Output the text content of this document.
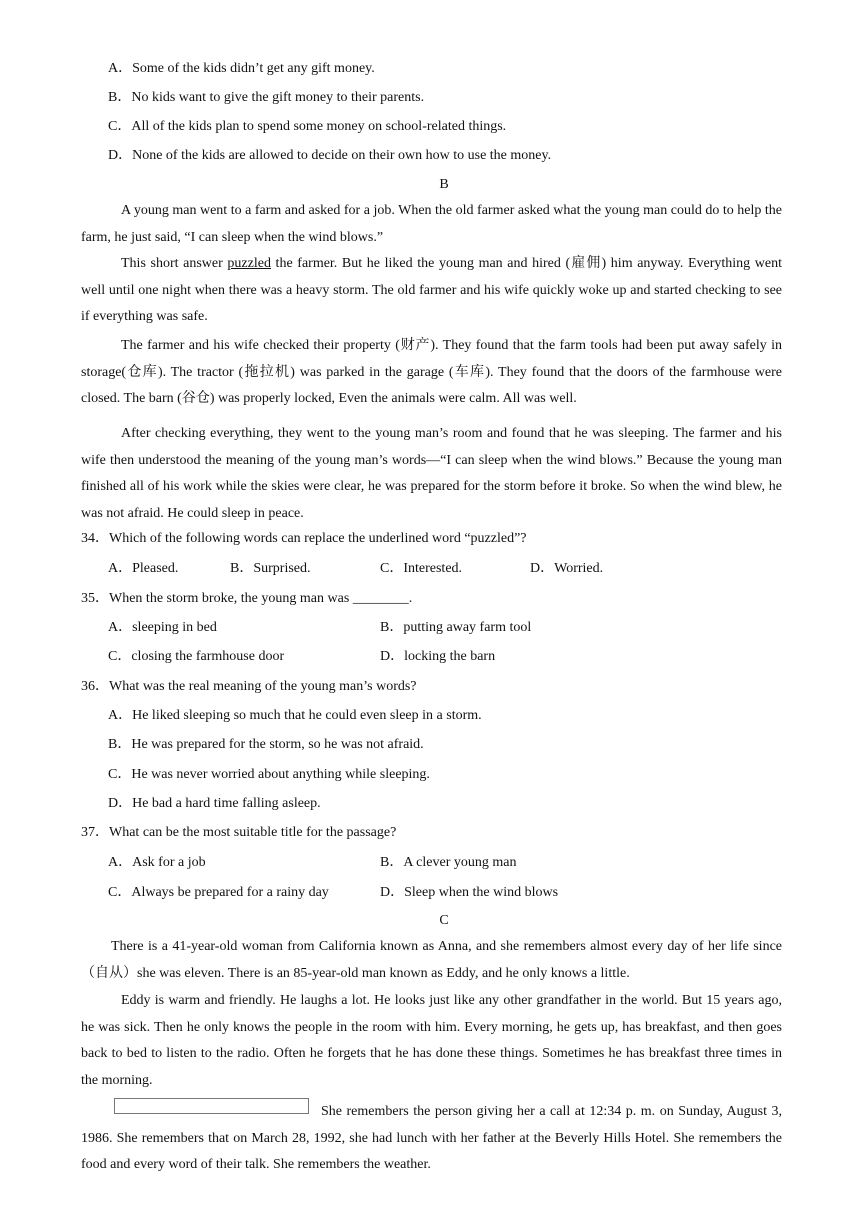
A．Some of the kids didn’t get any gift money.
B．No kids want to give the gift money to their parents.
C．All of the kids plan to spend some money on school-related things.
D．None of the kids are allowed to decide on their own how to use the money.
B
A young man went to a farm and asked for a job. When the old farmer asked what the young man could do to help the farm, he just said, “I can sleep when the wind blows.”
This short answer puzzled the farmer. But he liked the young man and hired (雇佣) him anyway. Everything went well until one night when there was a heavy storm. The old farmer and his wife quickly woke up and started checking to see if everything was safe.
The farmer and his wife checked their property (财产). They found that the farm tools had been put away safely in storage(仓库). The tractor (拖拉机) was parked in the garage (车库). They found that the doors of the farmhouse were closed. The barn (谷仓) was properly locked, Even the animals were calm. All was well.
After checking everything, they went to the young man’s room and found that he was sleeping. The farmer and his wife then understood the meaning of the young man’s words—“I can sleep when the wind blows.” Because the young man finished all of his work while the skies were clear, he was prepared for the storm before it broke. So when the wind blew, he was not afraid. He could sleep in peace.
34．Which of the following words can replace the underlined word “puzzled”?
A．Pleased.	B．Surprised.	C．Interested.	D．Worried.
35．When the storm broke, the young man was ________.
A．sleeping in bed	B．putting away farm tool
C．closing the farmhouse door	D．locking the barn
36．What was the real meaning of the young man’s words?
A．He liked sleeping so much that he could even sleep in a storm.
B．He was prepared for the storm, so he was not afraid.
C．He was never worried about anything while sleeping.
D．He bad a hard time falling asleep.
37．What can be the most suitable title for the passage?
A．Ask for a job	B．A clever young man
C．Always be prepared for a rainy day	D．Sleep when the wind blows
C
There is a 41-year-old woman from California known as Anna, and she remembers almost every day of her life since（自从）she was eleven. There is an 85-year-old man known as Eddy, and he only knows a little.
Eddy is warm and friendly. He laughs a lot. He looks just like any other grandfather in the world. But 15 years ago, he was sick. Then he only knows the people in the room with him. Every morning, he gets up, has breakfast, and then goes back to bed to listen to the radio. Often he forgets that he has done these things. Sometimes he has breakfast three times in the morning.
She remembers the person giving her a call at 12:34 p. m. on Sunday, August 3, 1986. She remembers that on March 28, 1992, she had lunch with her father at the Beverly Hills Hotel. She remembers the food and every word of their talk. She remembers the weather.
